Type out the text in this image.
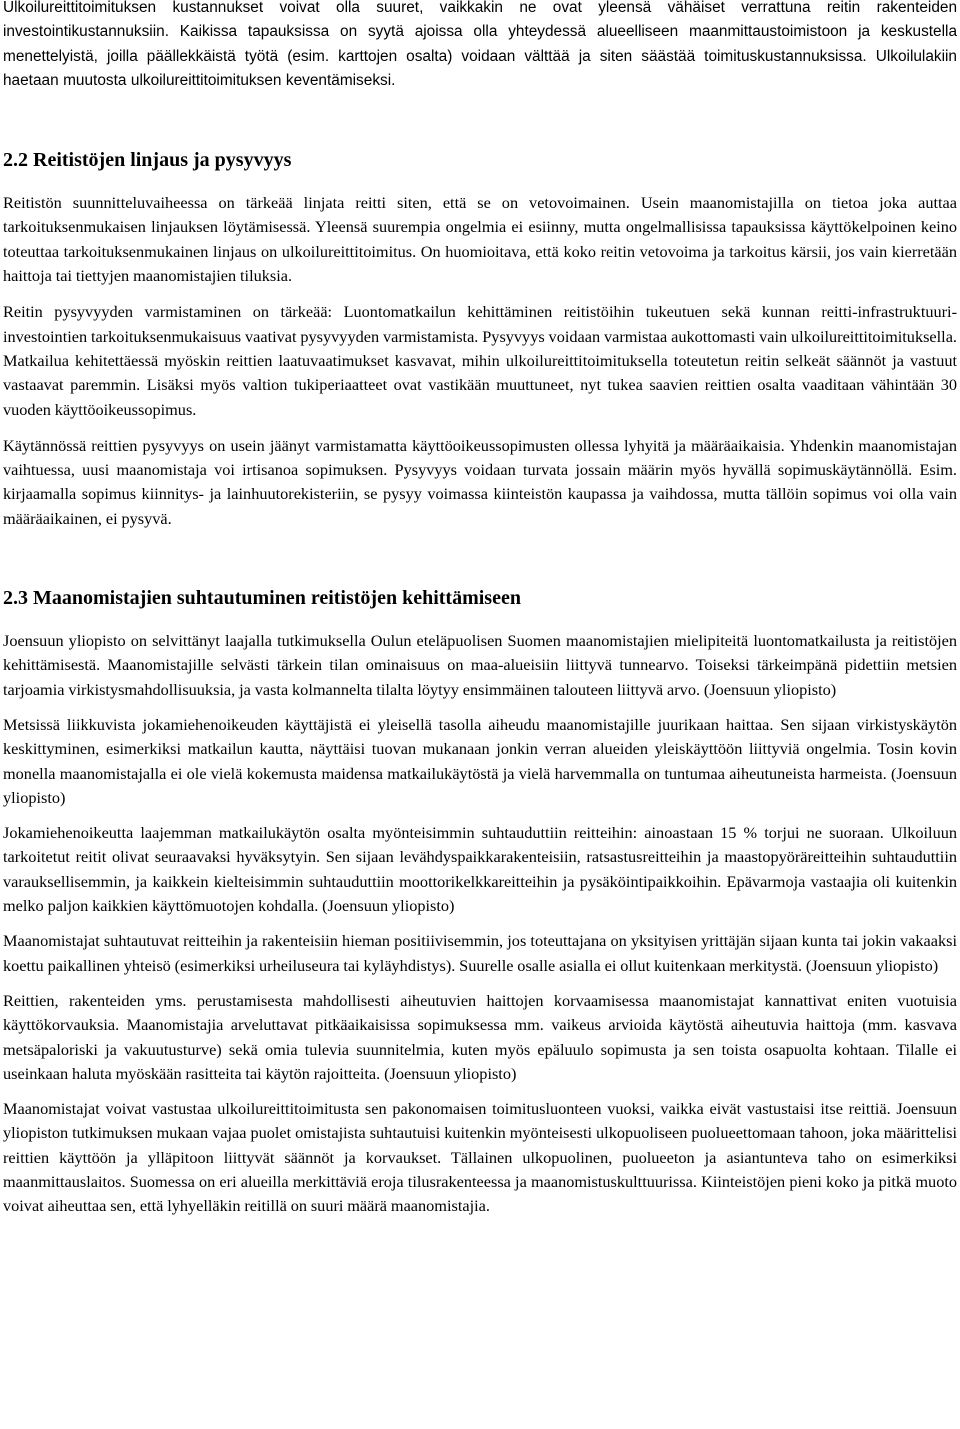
Ulkoilureittitoimituksen kustannukset voivat olla suuret, vaikkakin ne ovat yleensä vähäiset verrattuna reitin rakenteiden investointikustannuksiin. Kaikissa tapauksissa on syytä ajoissa olla yhteydessä alueelliseen maanmittaustoimistoon ja keskustella menettelyistä, joilla päällekkäistä työtä (esim. karttojen osalta) voidaan välttää ja siten säästää toimituskustannuksissa. Ulkoilulakiin haetaan muutosta ulkoilureittitoimituksen keventämiseksi.

2.2 Reitistöjen linjaus ja pysyvyys

Reitistön suunnitteluvaiheessa on tärkeää linjata reitti siten, että se on vetovoimainen. Usein maanomistajilla on tietoa joka auttaa tarkoituksenmukaisen linjauksen löytämisessä. Yleensä suurempia ongelmia ei esiinny, mutta ongelmallisissa tapauksissa käyttökelpoinen keino toteuttaa tarkoituksenmukainen linjaus on ulkoilureittitoimitus. On huomioitava, että koko reitin vetovoima ja tarkoitus kärsii, jos vain kierretään haittoja tai tiettyjen maanomistajien tiluksia.

Reitin pysyvyyden varmistaminen on tärkeää: Luontomatkailun kehittäminen reitistöihin tukeutuen sekä kunnan reitti-infrastruktuuri-investointien tarkoituksenmukaisuus vaativat pysyvyyden varmistamista. Pysyvyys voidaan varmistaa aukottomasti vain ulkoilureittitoimituksella. Matkailua kehitettäessä myöskin reittien laatuvaatimukset kasvavat, mihin ulkoilureittitoimituksella toteutetun reitin selkeät säännöt ja vastuut vastaavat paremmin. Lisäksi myös valtion tukiperiaatteet ovat vastikään muuttuneet, nyt tukea saavien reittien osalta vaaditaan vähintään 30 vuoden käyttöoikeussopimus.

Käytännössä reittien pysyvyys on usein jäänyt varmistamatta käyttöoikeussopimusten ollessa lyhyitä ja määräaikaisia. Yhdenkin maanomistajan vaihtuessa, uusi maanomistaja voi irtisanoa sopimuksen. Pysyvyys voidaan turvata jossain määrin myös hyvällä sopimuskäytännöllä. Esim. kirjaamalla sopimus kiinnitys- ja lainhuutorekisteriin, se pysyy voimassa kiinteistön kaupassa ja vaihdossa, mutta tällöin sopimus voi olla vain määräaikainen, ei pysyvä.

2.3 Maanomistajien suhtautuminen reitistöjen kehittämiseen

Joensuun yliopisto on selvittänyt laajalla tutkimuksella Oulun eteläpuolisen Suomen maanomistajien mielipiteitä luontomatkailusta ja reitistöjen kehittämisestä. Maanomistajille selvästi tärkein tilan ominaisuus on maa-alueisiin liittyvä tunnearvo. Toiseksi tärkeimpänä pidettiin metsien tarjoamia virkistysmahdollisuuksia, ja vasta kolmannelta tilalta löytyy ensimmäinen talouteen liittyvä arvo. (Joensuun yliopisto)

Metsissä liikkuvista jokamiehenoikeuden käyttäjistä ei yleisellä tasolla aiheudu maanomistajille juurikaan haittaa. Sen sijaan virkistyskäytön keskittyminen, esimerkiksi matkailun kautta, näyttäisi tuovan mukanaan jonkin verran alueiden yleiskäyttöön liittyviä ongelmia. Tosin kovin monella maanomistajalla ei ole vielä kokemusta maidensa matkailukäytöstä ja vielä harvemmalla on tuntumaa aiheutuneista harmeista. (Joensuun yliopisto)

Jokamiehenoikeutta laajemman matkailukäytön osalta myönteisimmin suhtauduttiin reitteihin: ainoastaan 15 % torjui ne suoraan. Ulkoiluun tarkoitetut reitit olivat seuraavaksi hyväksytyin. Sen sijaan levähdyspaikkarakenteisiin, ratsastusreitteihin ja maastopyöräreitteihin suhtauduttiin varauksellisemmin, ja kaikkein kielteisimmin suhtauduttiin moottorikelkkareitteihin ja pysäköintipaikkoihin. Epävarmoja vastaajia oli kuitenkin melko paljon kaikkien käyttömuotojen kohdalla. (Joensuun yliopisto)

Maanomistajat suhtautuvat reitteihin ja rakenteisiin hieman positiivisemmin, jos toteuttajana on yksityisen yrittäjän sijaan kunta tai jokin vakaaksi koettu paikallinen yhteisö (esimerkiksi urheiluseura tai kyläyhdistys). Suurelle osalle asialla ei ollut kuitenkaan merkitystä. (Joensuun yliopisto)

Reittien, rakenteiden yms. perustamisesta mahdollisesti aiheutuvien haittojen korvaamisessa maanomistajat kannattivat eniten vuotuisia käyttökorvauksia. Maanomistajia arveluttavat pitkäaikaisissa sopimuksessa mm. vaikeus arvioida käytöstä aiheutuvia haittoja (mm. kasvava metsäpaloriski ja vakuutusturve) sekä omia tulevia suunnitelmia, kuten myös epäluulo sopimusta ja sen toista osapuolta kohtaan. Tilalle ei useinkaan haluta myöskään rasitteita tai käytön rajoitteita. (Joensuun yliopisto)

Maanomistajat voivat vastustaa ulkoilureittitoimitusta sen pakonomaisen toimitusluonteen vuoksi, vaikka eivät vastustaisi itse reittiä. Joensuun yliopiston tutkimuksen mukaan vajaa puolet omistajista suhtautuisi kuitenkin myönteisesti ulkopuoliseen puolueettomaan tahoon, joka määrittelisi reittien käyttöön ja ylläpitoon liittyvät säännöt ja korvaukset. Tällainen ulkopuolinen, puolueeton ja asiantunteva taho on esimerkiksi maanmittauslaitos. Suomessa on eri alueilla merkittäviä eroja tilusrakenteessa ja maanomistuskulttuurissa. Kiinteistöjen pieni koko ja pitkä muoto voivat aiheuttaa sen, että lyhyelläkin reitillä on suuri määrä maanomistajia.
